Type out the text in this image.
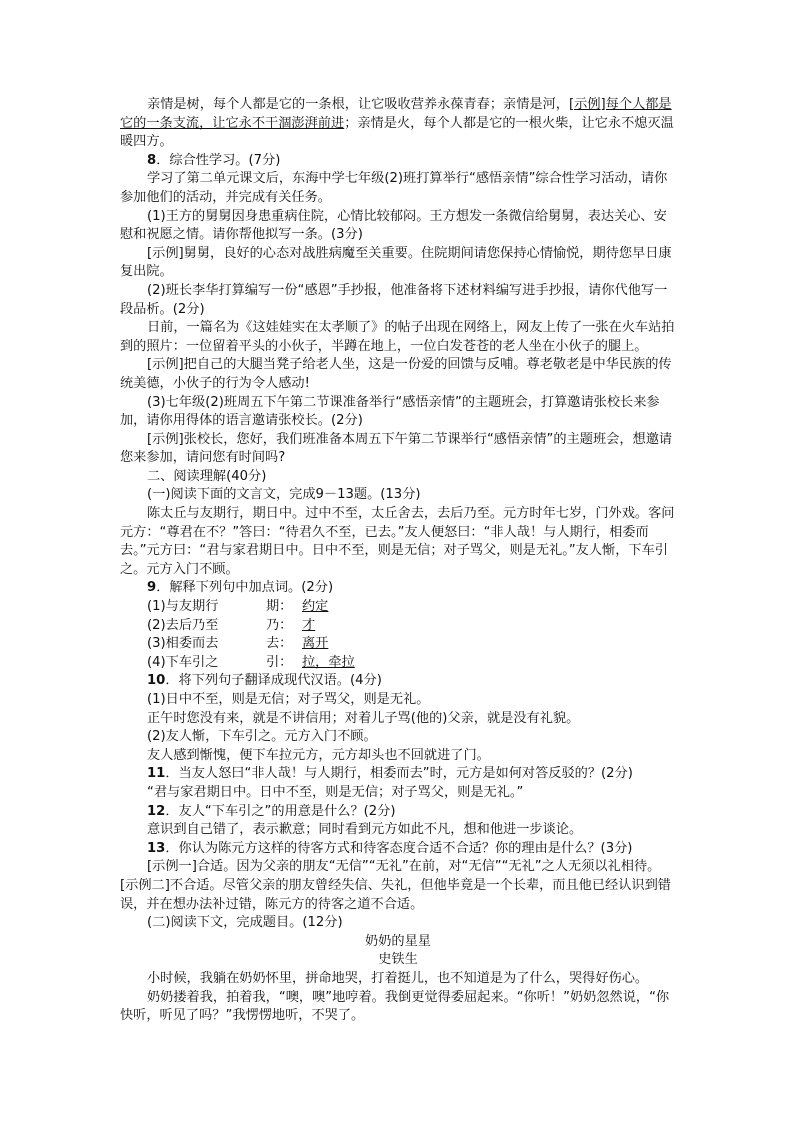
亲情是树，每个人都是它的一条根，让它吸收营养永葆青春；亲情是河，[示例]每个人都是它的一条支流，让它永不干涸澎湃前进；亲情是火，每个人都是它的一根火柴，让它永不熄灭温暖四方。

8．综合性学习。(7分)

学习了第二单元课文后，东海中学七年级(2)班打算举行“感悟亲情”综合性学习活动，请你参加他们的活动，并完成有关任务。

(1)王方的舅舅因身患重病住院，心情比较郁闷。王方想发一条微信给舅舅，表达关心、安慰和祝愿之情。请你帮他拟写一条。(3分)

[示例]舅舅，良好的心态对战胜病魔至关重要。住院期间请您保持心情愉悦，期待您早日康复出院。

(2)班长李华打算编写一份“感恩”手抄报，他准备将下述材料编写进手抄报，请你代他写一段品析。(2分)

日前，一篇名为《这娃娃实在太孝顺了》的帖子出现在网络上，网友上传了一张在火车站拍到的照片：一位留着平头的小伙子，半蹲在地上，一位白发苍苍的老人坐在小伙子的腿上。

[示例]把自己的大腿当凳子给老人坐，这是一份爱的回馈与反哺。尊老敬老是中华民族的传统美德，小伙子的行为令人感动!

(3)七年级(2)班周五下午第二节课准备举行“感悟亲情”的主题班会，打算邀请张校长来参加，请你用得体的语言邀请张校长。(2分)

[示例]张校长，您好，我们班准备本周五下午第二节课举行“感悟亲情”的主题班会，想邀请您来参加，请问您有时间吗?

二、阅读理解(40分)

(一)阅读下面的文言文，完成9－13题。(13分)

陈太丘与友期行，期日中。过中不至，太丘舍去，去后乃至。元方时年七岁，门外戏。客问元方：“尊君在不？”答曰：“待君久不至，已去。”友人便怒曰：“非人哉！与人期行，相委而去。”元方曰：“君与家君期日中。日中不至，则是无信；对子骂父，则是无礼。”友人惭，下车引之。元方入门不顾。

9．解释下列句中加点词。(2分)

(1)与友期行	期： 约定
(2)去后乃至	乃： 才
(3)相委而去	去： 离开
(4)下车引之	引： 拉，牵拉

10．将下列句子翻译成现代汉语。(4分)

(1)日中不至，则是无信；对子骂父，则是无礼。

正午时您没有来，就是不讲信用；对着儿子骂(他的)父亲，就是没有礼貌。

(2)友人惭，下车引之。元方入门不顾。

友人感到惭愧，便下车拉元方，元方却头也不回就进了门。

11．当友人怒曰“非人哉！与人期行，相委而去”时，元方是如何对答反驳的？(2分)

“君与家君期日中。日中不至，则是无信；对子骂父，则是无礼。”

12．友人“下车引之”的用意是什么？(2分)

意识到自己错了，表示歉意；同时看到元方如此不凡，想和他进一步谈论。

13．你认为陈元方这样的待客方式和待客态度合适不合适？你的理由是什么？(3分)

[示例一]合适。因为父亲的朋友“无信”“无礼”在前，对“无信”“无礼”之人无须以礼相待。[示例二]不合适。尽管父亲的朋友曾经失信、失礼，但他毕竟是一个长辈，而且他已经认识到错误，并在想办法补过错，陈元方的待客之道不合适。

(二)阅读下文，完成题目。(12分)

奶奶的星星

史铁生

小时候，我躺在奶奶怀里，拼命地哭，打着挺儿，也不知道是为了什么，哭得好伤心。

奶奶搂着我，拍着我，“噢，噢”地哼着。我倒更觉得委屈起来。“你听！”奶奶忽然说，“你快听，听见了吗？”我愣愣地听，不哭了。
